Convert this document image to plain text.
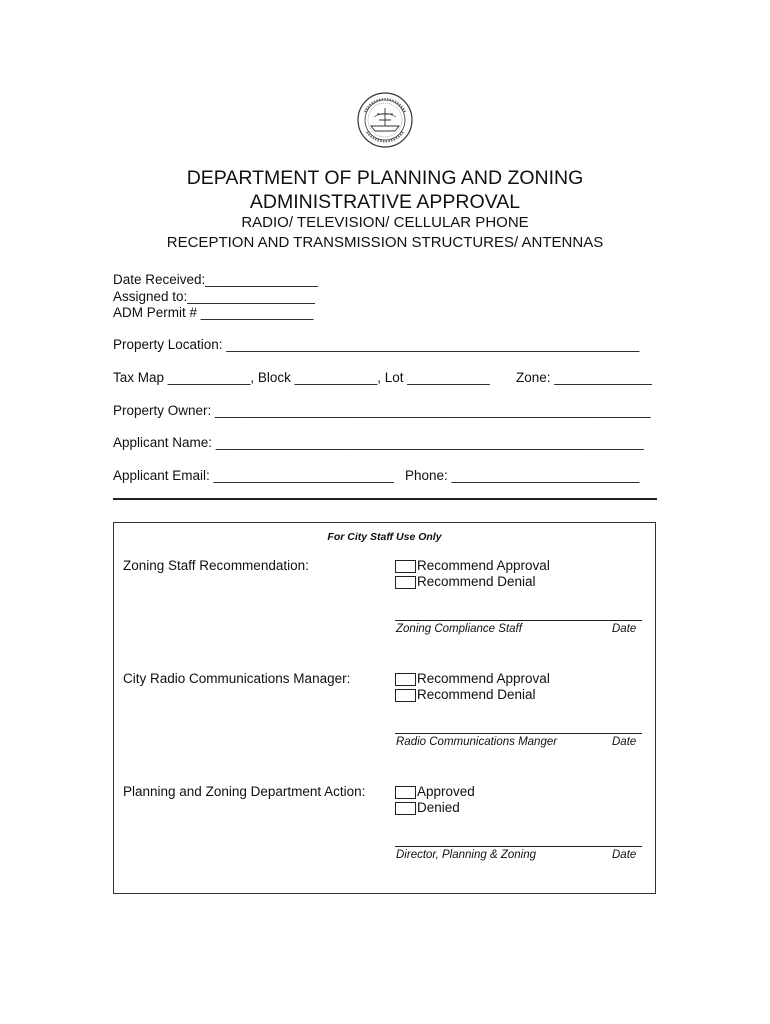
DEPARTMENT OF PLANNING AND ZONING
ADMINISTRATIVE APPROVAL
RADIO/ TELEVISION/ CELLULAR PHONE
RECEPTION AND TRANSMISSION STRUCTURES/ ANTENNAS
Date Received:_______________
Assigned to:_________________
ADM Permit # _______________
Property Location: _______________________________________________________
Tax Map ___________, Block ___________, Lot ___________ Zone: _____________
Property Owner: __________________________________________________________
Applicant Name: _________________________________________________________
Applicant Email: ________________________ Phone: _________________________
For City Staff Use Only
Zoning Staff Recommendation:	Recommend Approval
Recommend Denial
Zoning Compliance Staff	Date
City Radio Communications Manager:	Recommend Approval
Recommend Denial
Radio Communications Manger	Date
Planning and Zoning Department Action:	Approved
Denied
Director, Planning & Zoning	Date
